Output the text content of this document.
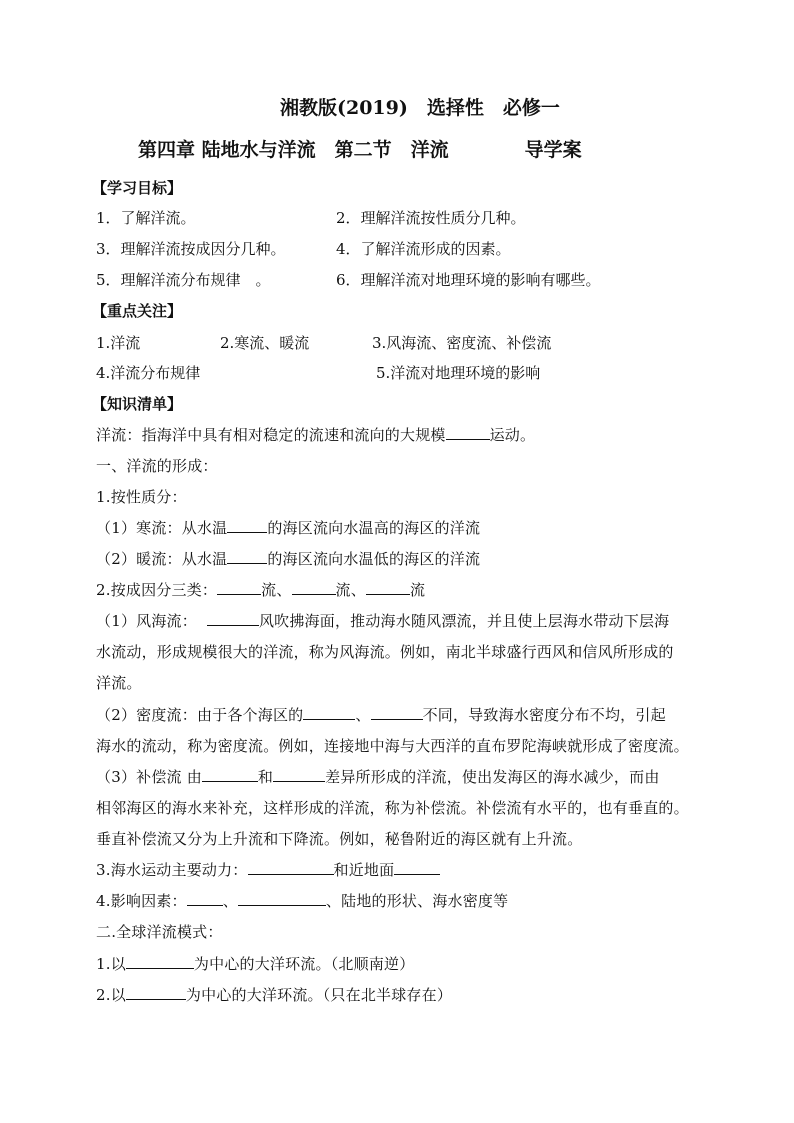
湘教版(2019)　选择性　必修一
第四章 陆地水与洋流　第二节　洋流　　　　导学案
【学习目标】
1．了解洋流。	2．理解洋流按性质分几种。
3．理解洋流按成因分几种。	4．了解洋流形成的因素。
5．理解洋流分布规律　。	6．理解洋流对地理环境的影响有哪些。
【重点关注】
1.洋流	2.寒流、暖流	3.风海流、密度流、补偿流
4.洋流分布规律	5.洋流对地理环境的影响
【知识清单】
洋流：指海洋中具有相对稳定的流速和流向的大规模	运动。
一、洋流的形成：
1.按性质分：
（1）寒流：从水温	的海区流向水温高的海区的洋流
（2）暖流：从水温	的海区流向水温低的海区的洋流
2.按成因分三类：	流、	流、	流
（1）风海流：	风吹拂海面，推动海水随风漂流，并且使上层海水带动下层海
水流动，形成规模很大的洋流，称为风海流。例如，南北半球盛行西风和信风所形成的
洋流。
（2）密度流：由于各个海区的	、	不同，导致海水密度分布不均，引起
海水的流动，称为密度流。例如，连接地中海与大西洋的直布罗陀海峡就形成了密度流。
（3）补偿流 由	和	差异所形成的洋流，使出发海区的海水减少，而由
相邻海区的海水来补充，这样形成的洋流，称为补偿流。补偿流有水平的，也有垂直的。
垂直补偿流又分为上升流和下降流。例如，秘鲁附近的海区就有上升流。
3.海水运动主要动力：	和近地面
4.影响因素： 、	、陆地的形状、海水密度等
二.全球洋流模式：
1.以	为中心的大洋环流。（北顺南逆）
2.以	为中心的大洋环流。（只在北半球存在）
